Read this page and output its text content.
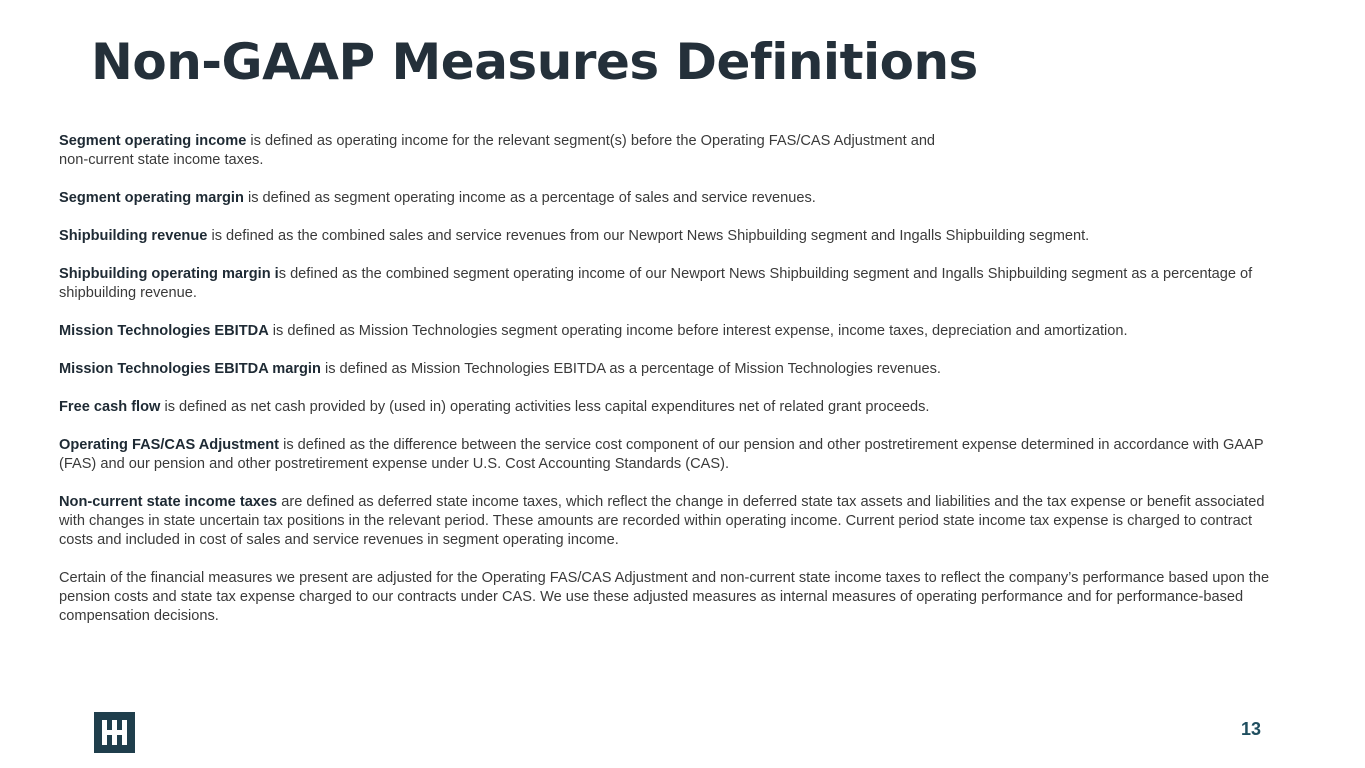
Non-GAAP Measures Definitions

Segment operating income is defined as operating income for the relevant segment(s) before the Operating FAS/CAS Adjustment and
non-current state income taxes.

Segment operating margin is defined as segment operating income as a percentage of sales and service revenues.

Shipbuilding revenue is defined as the combined sales and service revenues from our Newport News Shipbuilding segment and Ingalls Shipbuilding segment.

Shipbuilding operating margin is defined as the combined segment operating income of our Newport News Shipbuilding segment and Ingalls Shipbuilding segment as a percentage of shipbuilding revenue.

Mission Technologies EBITDA is defined as Mission Technologies segment operating income before interest expense, income taxes, depreciation and amortization.

Mission Technologies EBITDA margin is defined as Mission Technologies EBITDA as a percentage of Mission Technologies revenues.

Free cash flow is defined as net cash provided by (used in) operating activities less capital expenditures net of related grant proceeds.

Operating FAS/CAS Adjustment is defined as the difference between the service cost component of our pension and other postretirement expense determined in accordance with GAAP (FAS) and our pension and other postretirement expense under U.S. Cost Accounting Standards (CAS).

Non-current state income taxes are defined as deferred state income taxes, which reflect the change in deferred state tax assets and liabilities and the tax expense or benefit associated with changes in state uncertain tax positions in the relevant period. These amounts are recorded within operating income. Current period state income tax expense is charged to contract costs and included in cost of sales and service revenues in segment operating income.

Certain of the financial measures we present are adjusted for the Operating FAS/CAS Adjustment and non-current state income taxes to reflect the company’s performance based upon the pension costs and state tax expense charged to our contracts under CAS. We use these adjusted measures as internal measures of operating performance and for performance-based compensation decisions.

13
